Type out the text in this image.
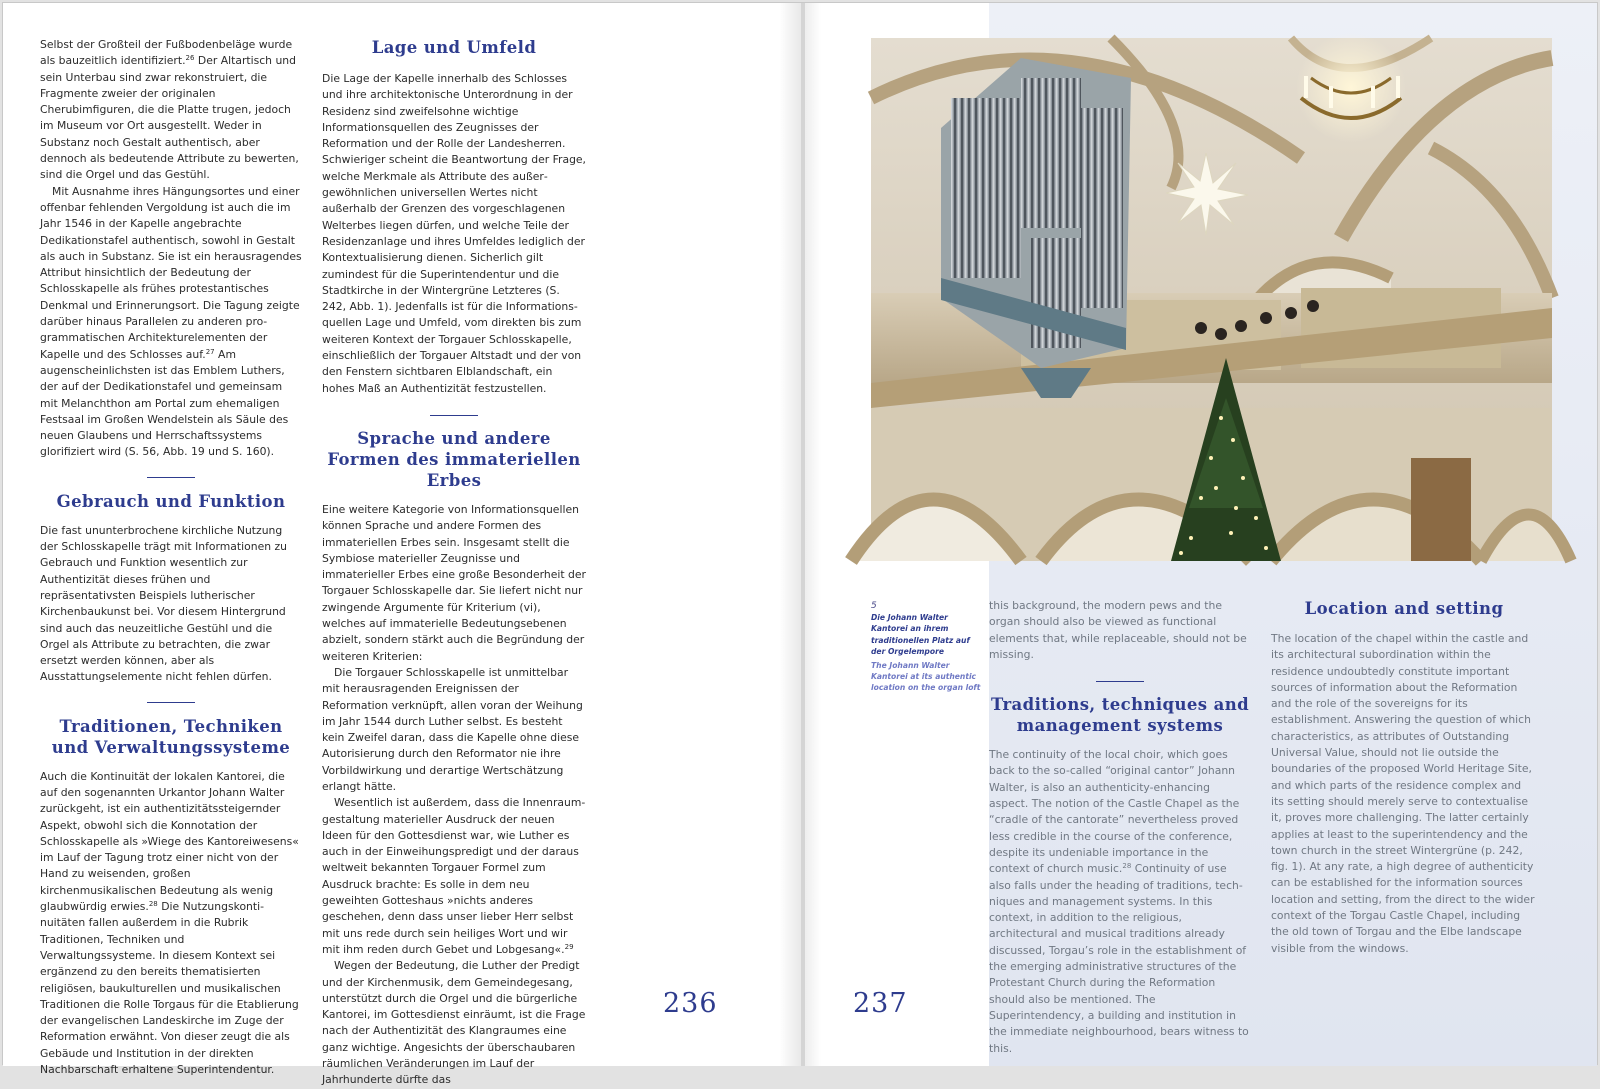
Selbst der Großteil der Fußbodenbeläge wurde als bauzeitlich identifiziert.$^{26}$ Der Altartisch und sein Unterbau sind zwar rekonstruiert, die Fragmente zweier der originalen Cherubimfiguren, die die Platte trugen, jedoch im Museum vor Ort ausgestellt. Weder in Substanz noch Gestalt authentisch, aber dennoch als bedeutende Attribute zu bewerten, sind die Orgel und das Gestühl.

Mit Ausnahme ihres Hängungsortes und einer offenbar fehlenden Vergoldung ist auch die im Jahr 1546 in der Kapelle angebrachte Dedikationstafel authentisch, sowohl in Gestalt als auch in Substanz. Sie ist ein herausragendes Attribut hinsichtlich der Bedeutung der Schlosskapelle als frühes protestantisches Denkmal und Erinnerungsort. Die Tagung zeigte darüber hinaus Parallelen zu anderen programmatischen Architekturelementen der Kapelle und des Schlosses auf.$^{27}$ Am augenscheinlichsten ist das Emblem Luthers, der auf der Dedikationstafel und gemeinsam mit Melanchthon am Portal zum ehemaligen Festsaal im Großen Wendelstein als Säule des neuen Glaubens und Herrschaftssystems glorifiziert wird (S. 56, Abb. 19 und S. 160).

Gebrauch und Funktion

Die fast ununterbrochene kirchliche Nutzung der Schlosskapelle trägt mit Informationen zu Gebrauch und Funktion wesentlich zur Authentizität dieses frühen und repräsentativsten Beispiels lutherischer Kirchenbaukunst bei. Vor diesem Hintergrund sind auch das neuzeitliche Gestühl und die Orgel als Attribute zu betrachten, die zwar ersetzt werden können, aber als Ausstattungselemente nicht fehlen dürfen.

Traditionen, Techniken und Verwaltungssysteme

Auch die Kontinuität der lokalen Kantorei, die auf den sogenannten Urkantor Johann Walter zurückgeht, ist ein authentizitätssteigernder Aspekt, obwohl sich die Konnotation der Schlosskapelle als »Wiege des Kantoreiwesens« im Lauf der Tagung trotz einer nicht von der Hand zu weisenden, großen kirchenmusikalischen Bedeutung als wenig glaubwürdig erwies.$^{28}$ Die Nutzungskontinuitäten fallen außerdem in die Rubrik Traditionen, Techniken und Verwaltungssysteme. In diesem Kontext sei ergänzend zu den bereits thematisierten religiösen, baukulturellen und musikalischen Traditionen die Rolle Torgaus für die Etablierung der evangelischen Landeskirche im Zuge der Reformation erwähnt. Von dieser zeugt die als Gebäude und Institution in der direkten Nachbarschaft erhaltene Superintendentur.

Lage und Umfeld

Die Lage der Kapelle innerhalb des Schlosses und ihre architektonische Unterordnung in der Residenz sind zweifelsohne wichtige Informationsquellen des Zeugnisses der Reformation und der Rolle der Landesherren. Schwieriger scheint die Beantwortung der Frage, welche Merkmale als Attribute des außergewöhnlichen universellen Wertes nicht außerhalb der Grenzen des vorgeschlagenen Welterbes liegen dürfen, und welche Teile der Residenzanlage und ihres Umfeldes lediglich der Kontextualisierung dienen. Sicherlich gilt zumindest für die Superintendentur und die Stadtkirche in der Wintergrüne Letzteres (S. 242, Abb. 1). Jedenfalls ist für die Informationsquellen Lage und Umfeld, vom direkten bis zum weiteren Kontext der Torgauer Schlosskapelle, einschließlich der Torgauer Altstadt und der von den Fenstern sichtbaren Elblandschaft, ein hohes Maß an Authentizität festzustellen.

Sprache und andere Formen des immateriellen Erbes

Eine weitere Kategorie von Informationsquellen können Sprache und andere Formen des immateriellen Erbes sein. Insgesamt stellt die Symbiose materieller Zeugnisse und immaterieller Erbes eine große Besonderheit der Torgauer Schlosskapelle dar. Sie liefert nicht nur zwingende Argumente für Kriterium (vi), welches auf immaterielle Bedeutungsebenen abzielt, sondern stärkt auch die Begründung der weiteren Kriterien:

Die Torgauer Schlosskapelle ist unmittelbar mit herausragenden Ereignissen der Reformation verknüpft, allen voran der Weihung im Jahr 1544 durch Luther selbst. Es besteht kein Zweifel daran, dass die Kapelle ohne diese Autorisierung durch den Reformator nie ihre Vorbildwirkung und derartige Wertschätzung erlangt hätte.

Wesentlich ist außerdem, dass die Innenraumgestaltung materieller Ausdruck der neuen Ideen für den Gottesdienst war, wie Luther es auch in der Einweihungspredigt und der daraus weltweit bekannten Torgauer Formel zum Ausdruck brachte: Es solle in dem neu geweihten Gotteshaus »nichts anderes geschehen, denn dass unser lieber Herr selbst mit uns rede durch sein heiliges Wort und wir mit ihm reden durch Gebet und Lobgesang«.$^{29}$

Wegen der Bedeutung, die Luther der Predigt und der Kirchenmusik, dem Gemeindegesang, unterstützt durch die Orgel und die bürgerliche Kantorei, im Gottesdienst einräumt, ist die Frage nach der Authentizität des Klangraumes eine ganz wichtige. Angesichts der überschaubaren räumlichen Veränderungen im Lauf der Jahrhunderte dürfte das

236
5
Die Johann Walter Kantorei an ihrem traditionellen Platz auf der Orgelempore
The Johann Walter Kantorei at its authentic location on the organ loft

this background, the modern pews and the organ should also be viewed as functional elements that, while replaceable, should not be missing.

Traditions, techniques and management systems

The continuity of the local choir, which goes back to the so-called “original cantor” Johann Walter, is also an authenticity-enhancing aspect. The notion of the Castle Chapel as the “cradle of the cantorate” nevertheless proved less credible in the course of the conference, despite its undeniable importance in the context of church music.$^{28}$ Continuity of use also falls under the heading of traditions, techniques and management systems. In this context, in addition to the religious, architectural and musical traditions already discussed, Torgau’s role in the establishment of the emerging administrative structures of the Protestant Church during the Reformation should also be mentioned. The Superintendency, a building and institution in the immediate neighbourhood, bears witness to this.

Location and setting

The location of the chapel within the castle and its architectural subordination within the residence undoubtedly constitute important sources of information about the Reformation and the role of the sovereigns for its establishment. Answering the question of which characteristics, as attributes of Outstanding Universal Value, should not lie outside the boundaries of the proposed World Heritage Site, and which parts of the residence complex and its setting should merely serve to contextualise it, proves more challenging. The latter certainly applies at least to the superintendency and the town church in the street Wintergrüne (p. 242, fig. 1). At any rate, a high degree of authenticity can be established for the information sources location and setting, from the direct to the wider context of the Torgau Castle Chapel, including the old town of Torgau and the Elbe landscape visible from the windows.

237
